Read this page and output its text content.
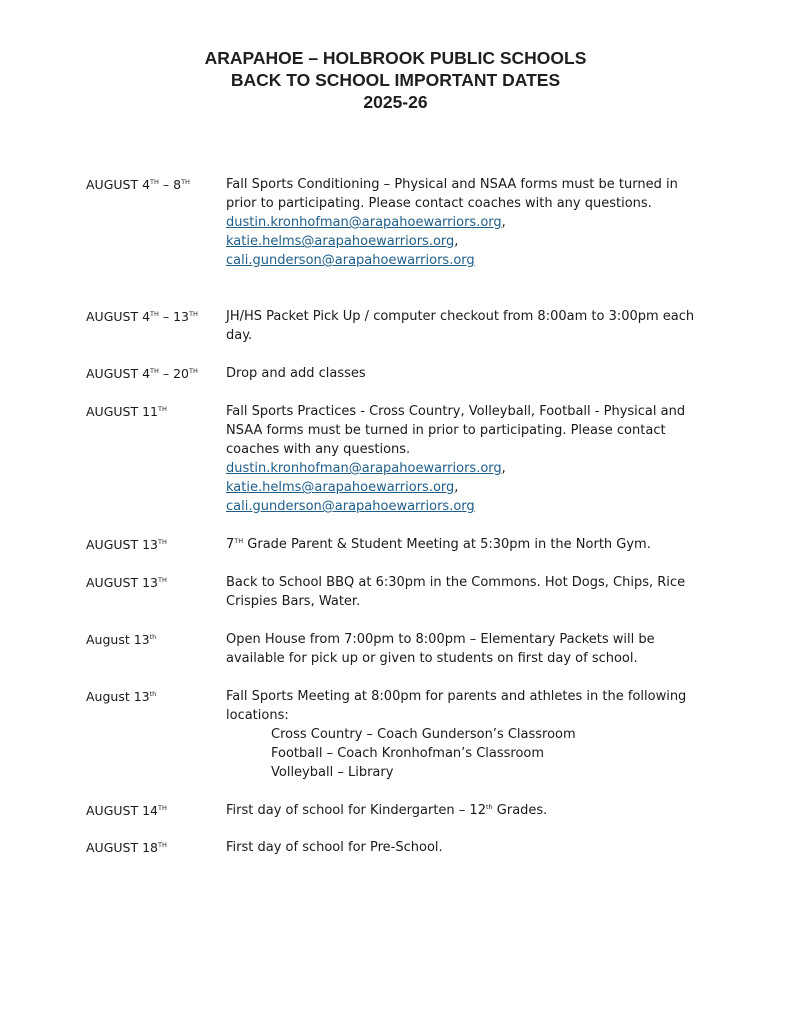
ARAPAHOE – HOLBROOK PUBLIC SCHOOLS
BACK TO SCHOOL IMPORTANT DATES
2025-26
AUGUST 4TH – 8TH	Fall Sports Conditioning – Physical and NSAA forms must be turned in prior to participating. Please contact coaches with any questions.
dustin.kronhofman@arapahoewarriors.org,
katie.helms@arapahoewarriors.org,
cali.gunderson@arapahoewarriors.org
AUGUST 4TH – 13TH JH/HS Packet Pick Up / computer checkout from 8:00am to 3:00pm each day.
AUGUST 4TH – 20TH Drop and add classes
AUGUST 11TH	Fall Sports Practices - Cross Country, Volleyball, Football - Physical and NSAA forms must be turned in prior to participating. Please contact coaches with any questions.
dustin.kronhofman@arapahoewarriors.org,
katie.helms@arapahoewarriors.org,
cali.gunderson@arapahoewarriors.org
AUGUST 13TH	7TH Grade Parent & Student Meeting at 5:30pm in the North Gym.
AUGUST 13TH	Back to School BBQ at 6:30pm in the Commons. Hot Dogs, Chips, Rice Crispies Bars, Water.
August 13th	Open House from 7:00pm to 8:00pm – Elementary Packets will be available for pick up or given to students on first day of school.
August 13th	Fall Sports Meeting at 8:00pm for parents and athletes in the following locations:
Cross Country – Coach Gunderson’s Classroom
Football – Coach Kronhofman’s Classroom
Volleyball – Library
AUGUST 14TH	First day of school for Kindergarten – 12th Grades.
AUGUST 18TH	First day of school for Pre-School.
